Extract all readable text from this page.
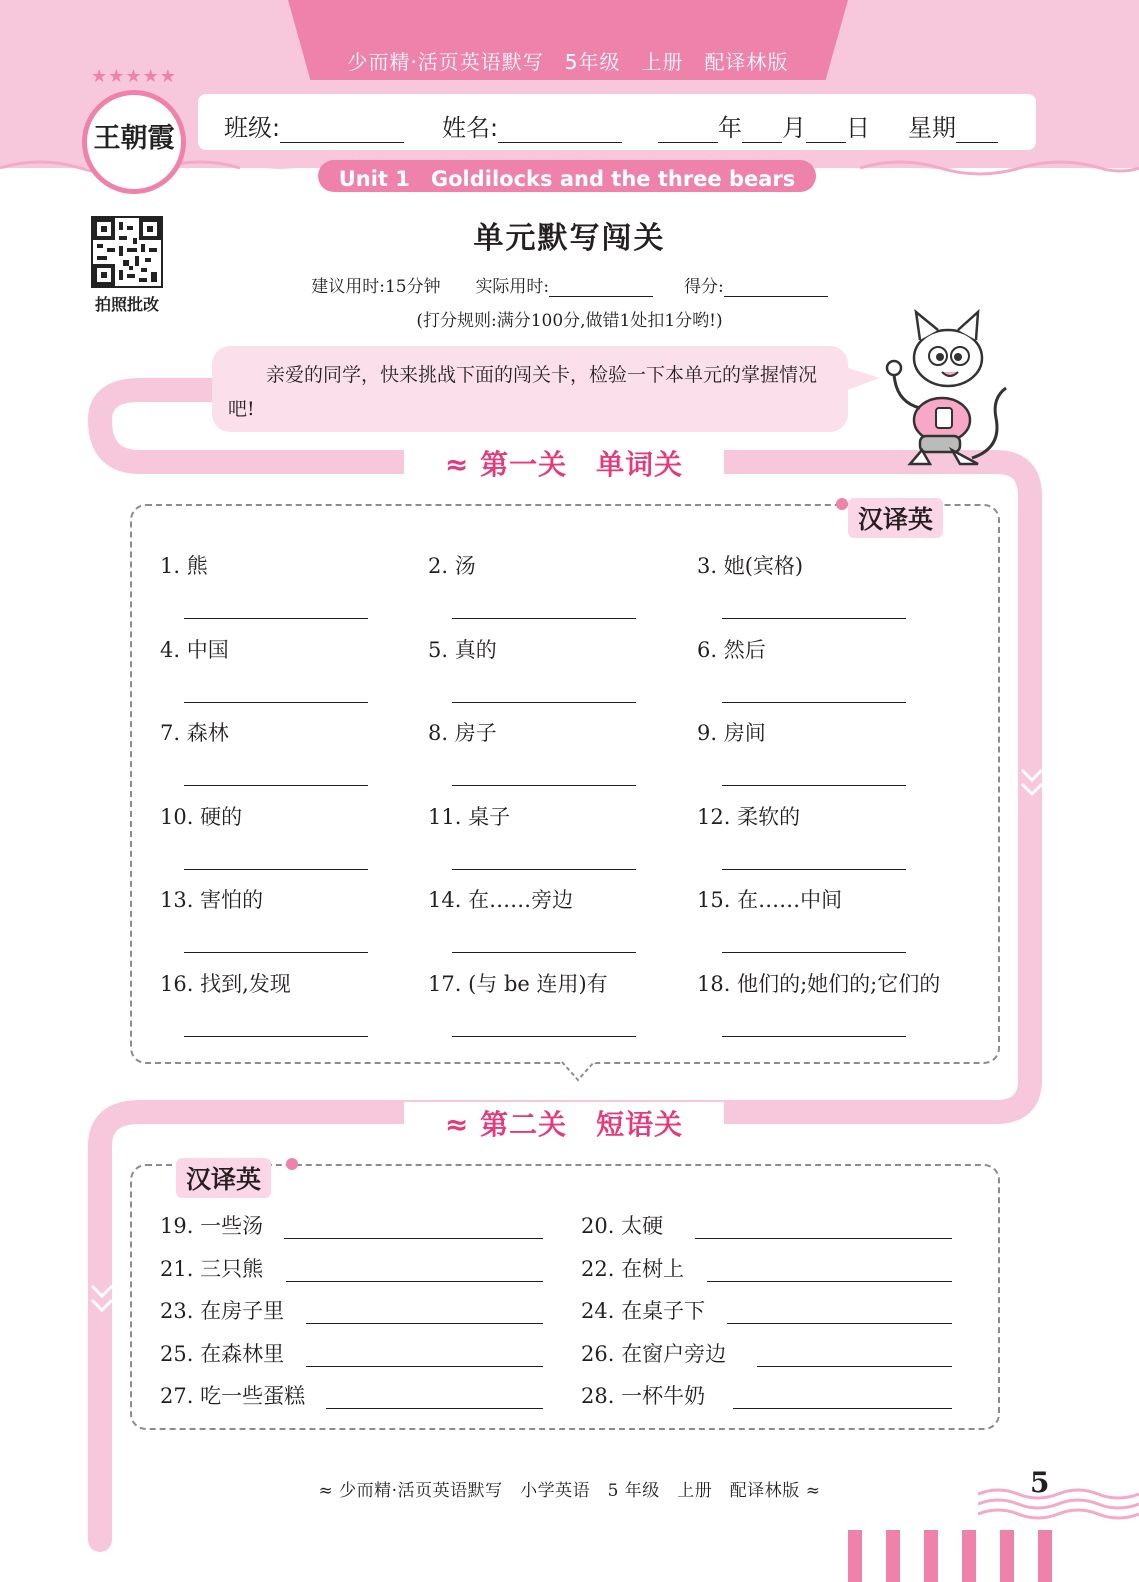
少而精·活页英语默写　5年级　上册　配译林版
★★★★★
王朝霞	班级:	姓名:	年 月 日 星期
Unit 1　Goldilocks and the three bears
拍照批改
单元默写闯关
建议用时:15分钟 实际用时:	得分:
(打分规则:满分100分,做错1处扣1分哟!)
亲爱的同学，快来挑战下面的闯关卡，检验一下本单元的掌握情况吧!
≈ 第一关　单词关
汉译英
1. 熊	2. 汤	3. 她(宾格)
4. 中国	5. 真的	6. 然后
7. 森林	8. 房子	9. 房间
10. 硬的	11. 桌子	12. 柔软的
13. 害怕的	14. 在……旁边	15. 在……中间
16. 找到,发现	17. (与 be 连用)有	18. 他们的;她们的;它们的
≈ 第二关　短语关
汉译英
19. 一些汤	20. 太硬
21. 三只熊	22. 在树上
23. 在房子里	24. 在桌子下
25. 在森林里	26. 在窗户旁边
27. 吃一些蛋糕	28. 一杯牛奶
≈ 少而精·活页英语默写　小学英语　5 年级　上册　配译林版 ≈	5
